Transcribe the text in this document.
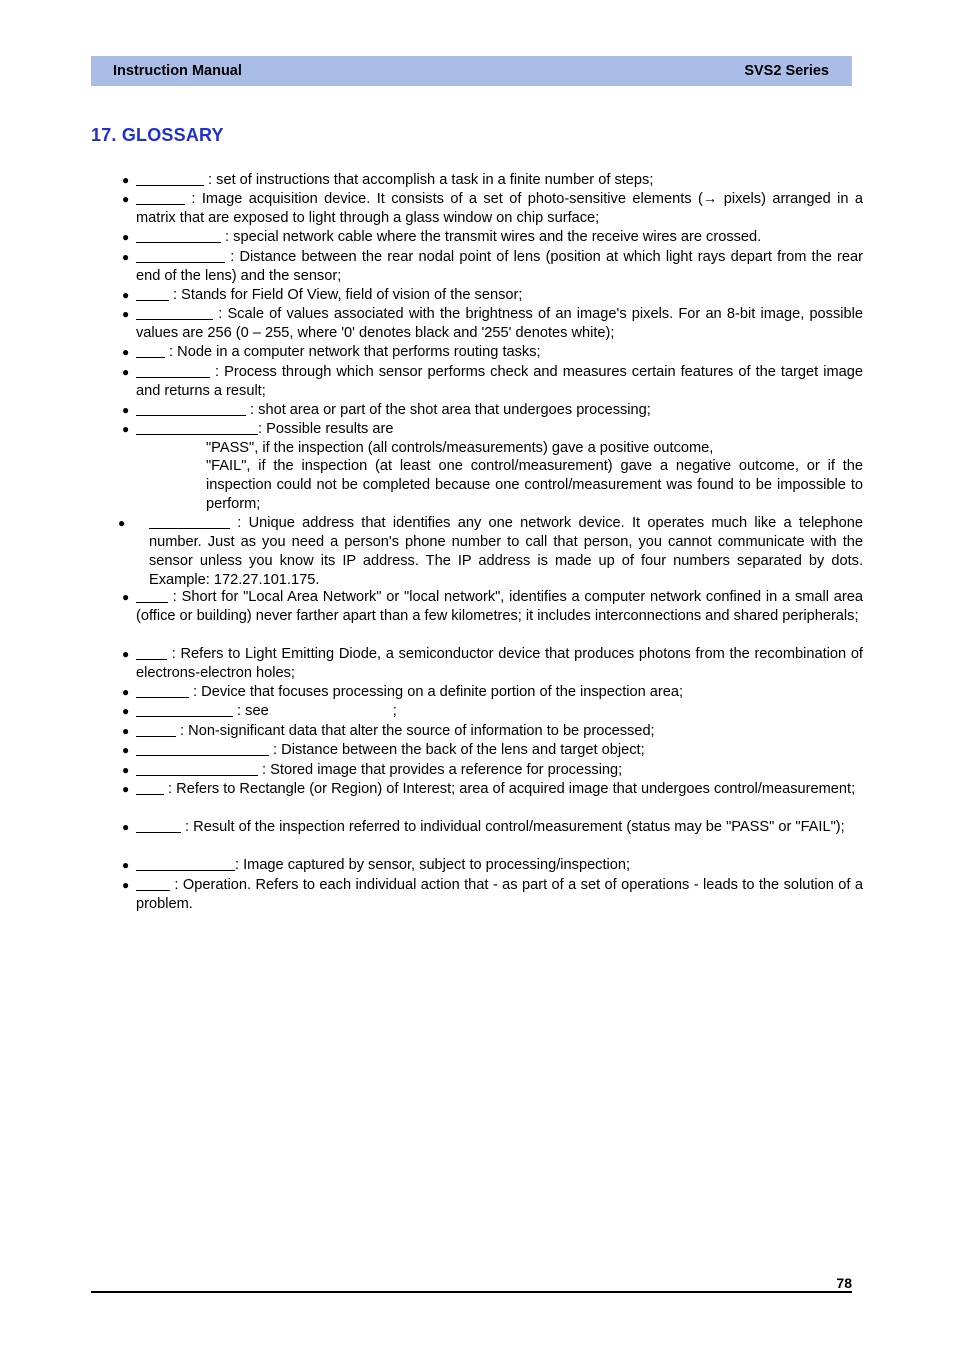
Instruction Manual	SVS2 Series
17. GLOSSARY
●	: set of instructions that accomplish a task in a finite number of steps;
●	: Image acquisition device. It consists of a set of photo-sensitive elements (→ pixels) arranged in a matrix that are exposed to light through a glass window on chip surface;
●	: special network cable where the transmit wires and the receive wires are crossed.
●	: Distance between the rear nodal point of lens (position at which light rays depart from the rear end of the lens) and the sensor;
●	: Stands for Field Of View, field of vision of the sensor;
●	: Scale of values associated with the brightness of an image's pixels. For an 8-bit image, possible values are 256 (0 – 255, where '0' denotes black and '255' denotes white);
● : Node in a computer network that performs routing tasks;
●	: Process through which sensor performs check and measures certain features of the target image and returns a result;
●	: shot area or part of the shot area that undergoes processing;
●	: Possible results are
"PASS", if the inspection (all controls/measurements) gave a positive outcome,
"FAIL", if the inspection (at least one control/measurement) gave a negative outcome, or if the inspection could not be completed because one control/measurement was found to be impossible to perform;
●	: Unique address that identifies any one network device. It operates much like a telephone number. Just as you need a person's phone number to call that person, you cannot communicate with the sensor unless you know its IP address. The IP address is made up of four numbers separated by dots. Example: 172.27.101.175.
●	: Short for "Local Area Network" or "local network", identifies a computer network confined in a small area (office or building) never farther apart than a few kilometres; it includes interconnections and shared peripherals;
●	: Refers to Light Emitting Diode, a semiconductor device that produces photons from the recombination of electrons-electron holes;
●	: Device that focuses processing on a definite portion of the inspection area;
●	: see	;
●	: Non-significant data that alter the source of information to be processed;
●	: Distance between the back of the lens and target object;
●	: Stored image that provides a reference for processing;
● : Refers to Rectangle (or Region) of Interest; area of acquired image that undergoes control/measurement;
●	: Result of the inspection referred to individual control/measurement (status may be "PASS" or "FAIL");
●	: Image captured by sensor, subject to processing/inspection;
●	: Operation. Refers to each individual action that - as part of a set of operations - leads to the solution of a problem.
78
